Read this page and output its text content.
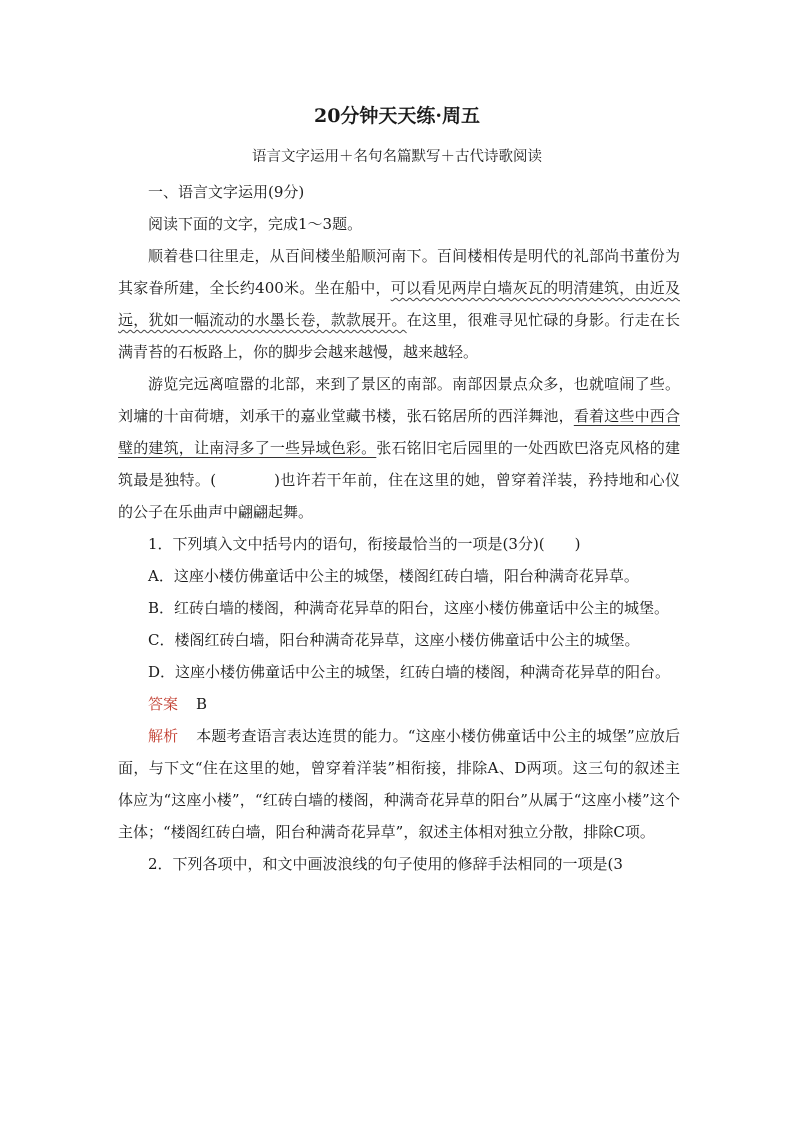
20分钟天天练·周五
语言文字运用＋名句名篇默写＋古代诗歌阅读

一、语言文字运用(9分)

阅读下面的文字，完成1～3题。

顺着巷口往里走，从百间楼坐船顺河南下。百间楼相传是明代的礼部尚书董份为其家眷所建，全长约400米。坐在船中，可以看见两岸白墙灰瓦的明清建筑，由近及远，犹如一幅流动的水墨长卷，款款展开。在这里，很难寻见忙碌的身影。行走在长满青苔的石板路上，你的脚步会越来越慢，越来越轻。

游览完远离喧嚣的北部，来到了景区的南部。南部因景点众多，也就喧闹了些。刘墉的十亩荷塘，刘承干的嘉业堂藏书楼，张石铭居所的西洋舞池，看着这些中西合璧的建筑，让南浔多了一些异域色彩。张石铭旧宅后园里的一处西欧巴洛克风格的建筑最是独特。(	)也许若干年前，住在这里的她，曾穿着洋装，矜持地和心仪的公子在乐曲声中翩翩起舞。

1．下列填入文中括号内的语句，衔接最恰当的一项是(3分)(　　)

A．这座小楼仿佛童话中公主的城堡，楼阁红砖白墙，阳台种满奇花异草。

B．红砖白墙的楼阁，种满奇花异草的阳台，这座小楼仿佛童话中公主的城堡。

C．楼阁红砖白墙，阳台种满奇花异草，这座小楼仿佛童话中公主的城堡。

D．这座小楼仿佛童话中公主的城堡，红砖白墙的楼阁，种满奇花异草的阳台。

答案 B

解析 本题考查语言表达连贯的能力。“这座小楼仿佛童话中公主的城堡”应放后面，与下文“住在这里的她，曾穿着洋装”相衔接，排除A、D两项。这三句的叙述主体应为“这座小楼”，“红砖白墙的楼阁，种满奇花异草的阳台”从属于“这座小楼”这个主体；“楼阁红砖白墙，阳台种满奇花异草”，叙述主体相对独立分散，排除C项。

2．下列各项中，和文中画波浪线的句子使用的修辞手法相同的一项是(3
